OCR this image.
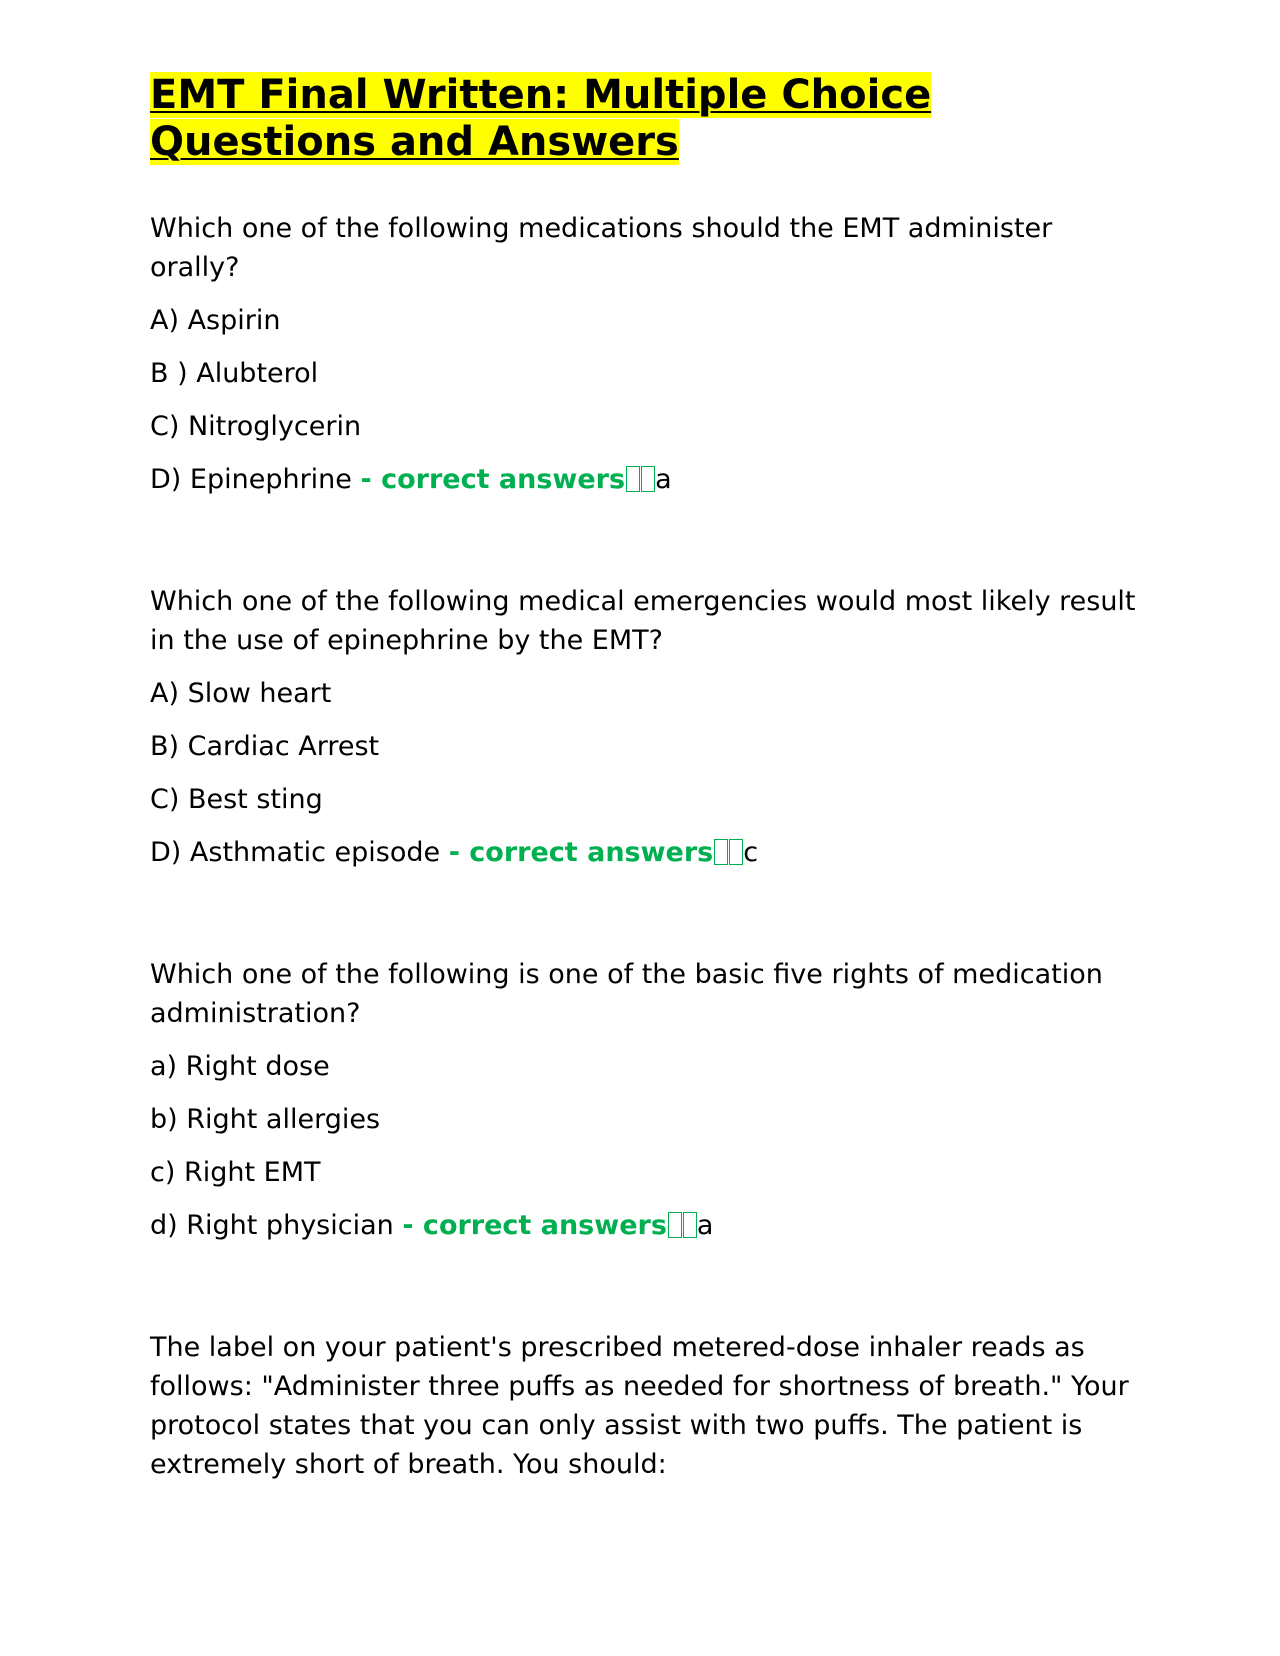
EMT Final Written: Multiple Choice
Questions and Answers

Which one of the following medications should the EMT administer orally?

A) Aspirin

B ) Alubterol

C) Nitroglycerin

D) Epinephrine - correct answers a

Which one of the following medical emergencies would most likely result in the use of epinephrine by the EMT?

A) Slow heart

B) Cardiac Arrest

C) Best sting

D) Asthmatic episode - correct answers c

Which one of the following is one of the basic five rights of medication administration?

a) Right dose

b) Right allergies

c) Right EMT

d) Right physician - correct answers a

The label on your patient's prescribed metered-dose inhaler reads as follows: "Administer three puffs as needed for shortness of breath." Your protocol states that you can only assist with two puffs. The patient is extremely short of breath. You should:
